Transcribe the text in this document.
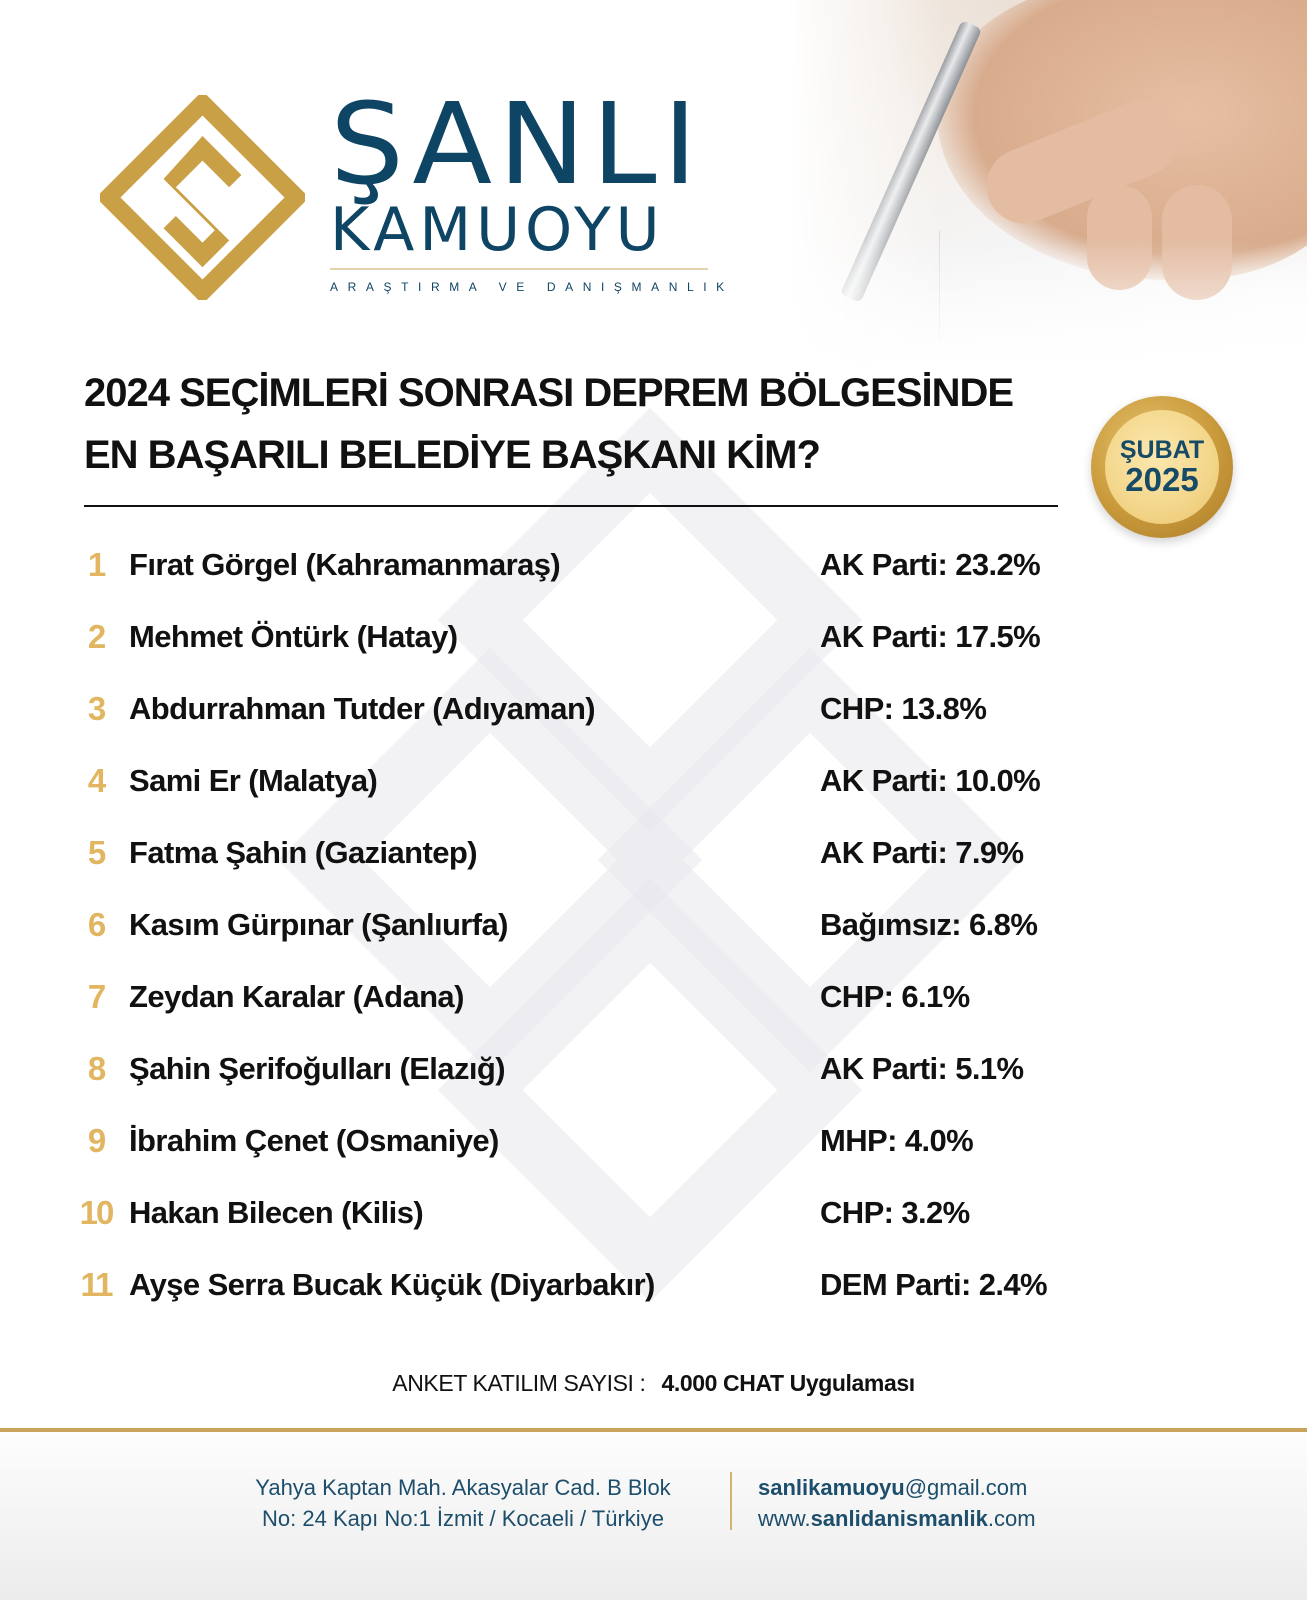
ŞANLI
KAMUOYU
ARAŞTIRMA VE DANIŞMANLIK
2024 SEÇİMLERİ SONRASI DEPREM BÖLGESİNDE
EN BAŞARILI BELEDİYE BAŞKANI KİM?	ŞUBAT
2025
1 Fırat Görgel (Kahramanmaraş)	AK Parti: 23.2%
2 Mehmet Öntürk (Hatay)	AK Parti: 17.5%
3 Abdurrahman Tutder (Adıyaman)	CHP: 13.8%
4 Sami Er (Malatya)	AK Parti: 10.0%
5 Fatma Şahin (Gaziantep)	AK Parti: 7.9%
6 Kasım Gürpınar (Şanlıurfa)	Bağımsız: 6.8%
7 Zeydan Karalar (Adana)	CHP: 6.1%
8 Şahin Şerifoğulları (Elazığ)	AK Parti: 5.1%
9 İbrahim Çenet (Osmaniye)	MHP: 4.0%
10 Hakan Bilecen (Kilis)	CHP: 3.2%
11 Ayşe Serra Bucak Küçük (Diyarbakır)	DEM Parti: 2.4%
ANKET KATILIM SAYISI : 4.000 CHAT Uygulaması
Yahya Kaptan Mah. Akasyalar Cad. B Blok
No: 24 Kapı No:1 İzmit / Kocaeli / Türkiye
sanlikamuoyu@gmail.com
www.sanlidanismanlik.com
